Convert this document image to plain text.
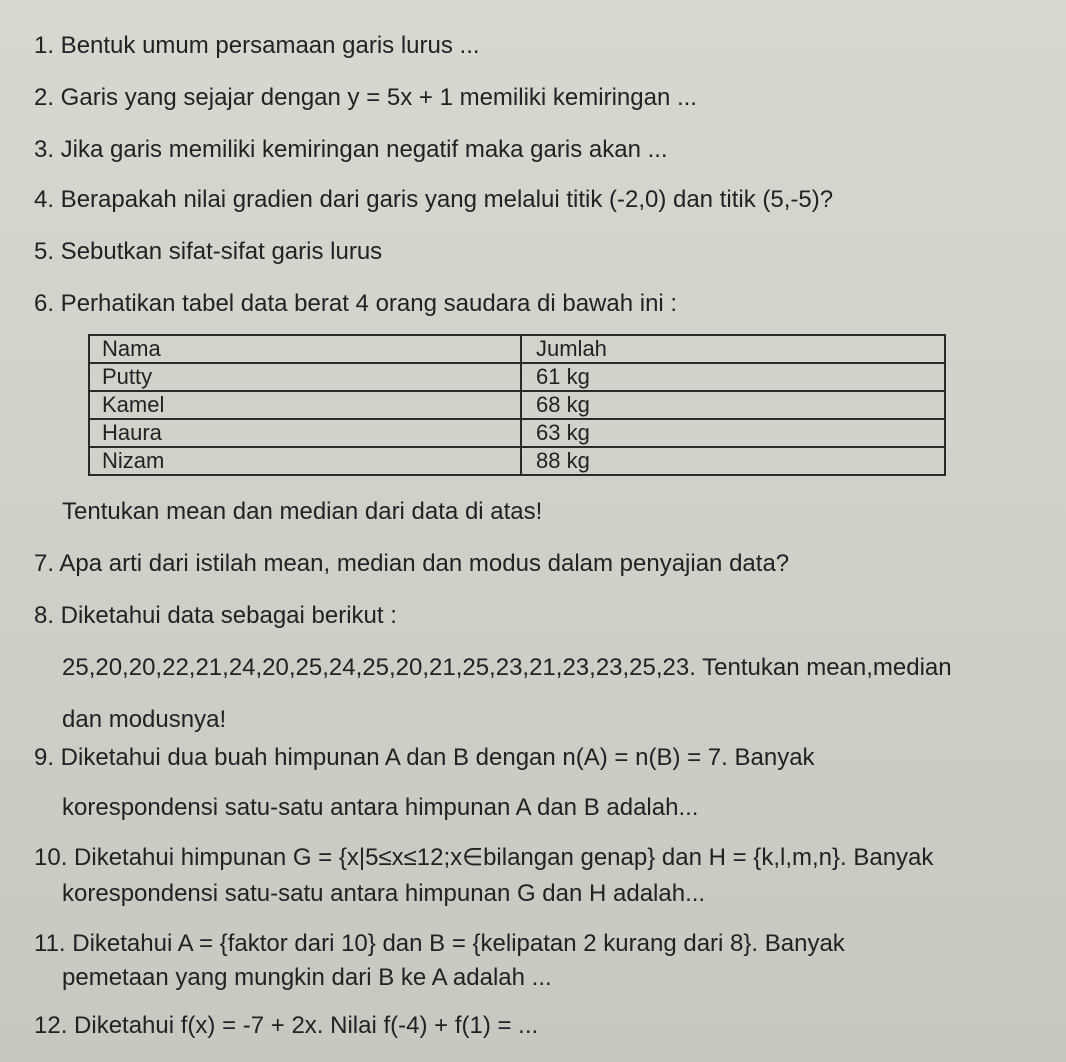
1. Bentuk umum persamaan garis lurus ...
2. Garis yang sejajar dengan y = 5x + 1 memiliki kemiringan ...
3. Jika garis memiliki kemiringan negatif maka garis akan ...
4. Berapakah nilai gradien dari garis yang melalui titik (-2,0) dan titik (5,-5)?
5. Sebutkan sifat-sifat garis lurus
6. Perhatikan tabel data berat 4 orang saudara di bawah ini :
Nama	Jumlah
Putty	61 kg
Kamel	68 kg
Haura	63 kg
Nizam	88 kg
Tentukan mean dan median dari data di atas!
7. Apa arti dari istilah mean, median dan modus dalam penyajian data?
8. Diketahui data sebagai berikut :
25,20,20,22,21,24,20,25,24,25,20,21,25,23,21,23,23,25,23. Tentukan mean,median
dan modusnya!
9. Diketahui dua buah himpunan A dan B dengan n(A) = n(B) = 7. Banyak
korespondensi satu-satu antara himpunan A dan B adalah...
10. Diketahui himpunan G = {x|5≤x≤12;x∈bilangan genap} dan H = {k,l,m,n}. Banyak
korespondensi satu-satu antara himpunan G dan H adalah...
11. Diketahui A = {faktor dari 10} dan B = {kelipatan 2 kurang dari 8}. Banyak
pemetaan yang mungkin dari B ke A adalah ...
12. Diketahui f(x) = -7 + 2x. Nilai f(-4) + f(1) = ...
